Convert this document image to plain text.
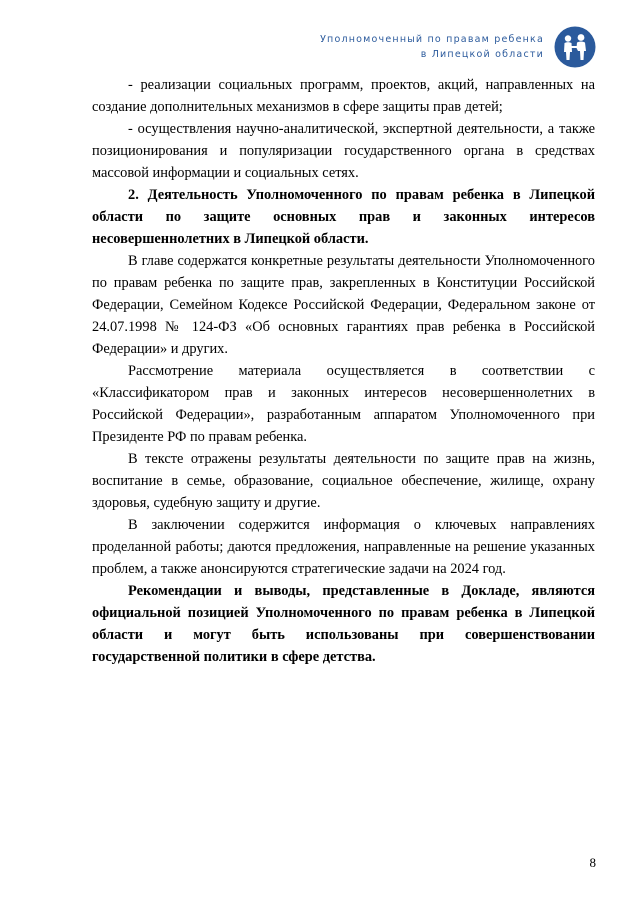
Уполномоченный по правам ребенка
в Липецкой области

- реализации социальных программ, проектов, акций, направленных на создание дополнительных механизмов в сфере защиты прав детей;

- осуществления научно-аналитической, экспертной деятельности, а также позиционирования и популяризации государственного органа в средствах массовой информации и социальных сетях.

2. Деятельность Уполномоченного по правам ребенка в Липецкой области по защите основных прав и законных интересов несовершеннолетних в Липецкой области.

В главе содержатся конкретные результаты деятельности Уполномоченного по правам ребенка по защите прав, закрепленных в Конституции Российской Федерации, Семейном Кодексе Российской Федерации, Федеральном законе от 24.07.1998 № 124-ФЗ «Об основных гарантиях прав ребенка в Российской Федерации» и других.

Рассмотрение материала осуществляется в соответствии с «Классификатором прав и законных интересов несовершеннолетних в Российской Федерации», разработанным аппаратом Уполномоченного при Президенте РФ по правам ребенка.

В тексте отражены результаты деятельности по защите прав на жизнь, воспитание в семье, образование, социальное обеспечение, жилище, охрану здоровья, судебную защиту и другие.

В заключении содержится информация о ключевых направлениях проделанной работы; даются предложения, направленные на решение указанных проблем, а также анонсируются стратегические задачи на 2024 год.

Рекомендации и выводы, представленные в Докладе, являются официальной позицией Уполномоченного по правам ребенка в Липецкой области и могут быть использованы при совершенствовании государственной политики в сфере детства.

8
